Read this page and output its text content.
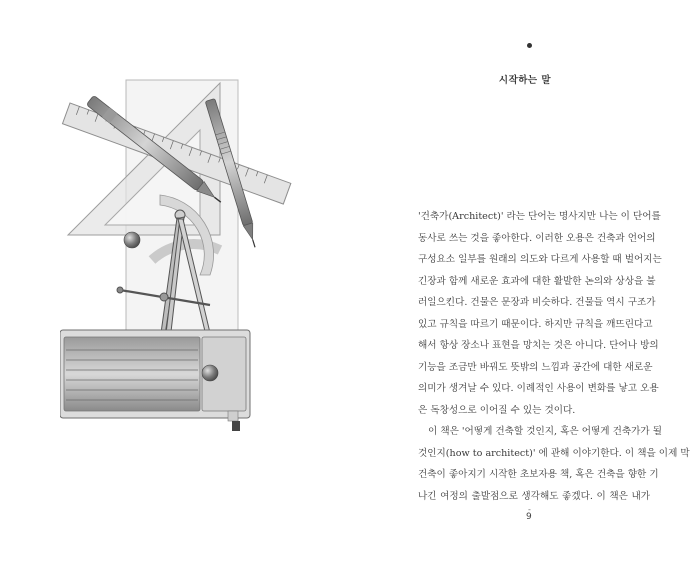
시작하는 말
'건축가(Architect)' 라는 단어는 명사지만 나는 이 단어를
동사로 쓰는 것을 좋아한다. 이러한 오용은 건축과 언어의
구성요소 일부를 원래의 의도와 다르게 사용할 때 벌어지는
긴장과 함께 새로운 효과에 대한 활발한 논의와 상상을 불
러일으킨다. 건물은 문장과 비슷하다. 건물들 역시 구조가
있고 규칙을 따르기 때문이다. 하지만 규칙을 깨뜨린다고
해서 항상 장소나 표현을 망치는 것은 아니다. 단어나 방의
기능을 조금만 바꿔도 뜻밖의 느낌과 공간에 대한 새로운
의미가 생겨날 수 있다. 이례적인 사용이 변화를 낳고 오용
은 독창성으로 이어질 수 있는 것이다.
이 책은 '어떻게 건축할 것인지, 혹은 어떻게 건축가가 될
것인지(how to architect)' 에 관해 이야기한다. 이 책을 이제 막
건축이 좋아지기 시작한 초보자용 책, 혹은 건축을 향한 기
나긴 여정의 출발점으로 생각해도 좋겠다. 이 책은 내가
-
9
